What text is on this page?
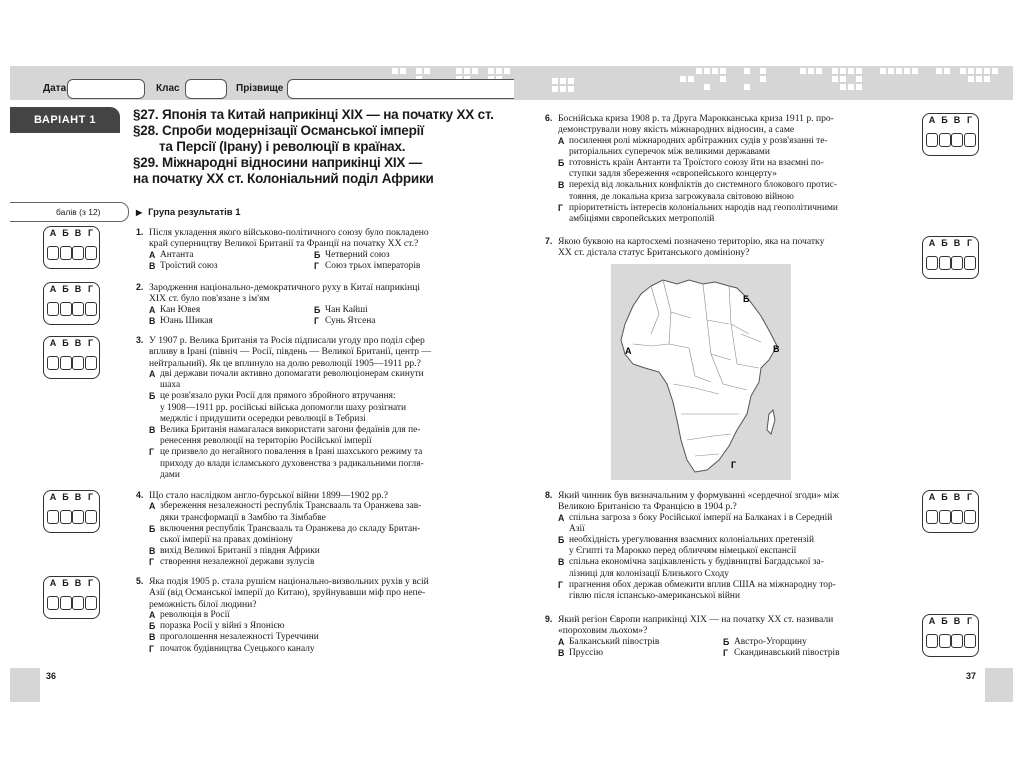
Дата	Клас	Прізвище
ВАРІАНТ 1	§27. Японія та Китай наприкінці XIX — на початку XX ст.
§28. Спроби модернізації Османської імперії
та Персії (Ірану) і революції в країнах.
§29. Міжнародні відносини наприкінці XIX —
на початку XX ст. Колоніальний поділ Африки
балів (з 12)	▶ Група результатів 1
А Б В Г
А Б В Г
А Б В Г
А Б В Г
А Б В Г
А Б В Г
А Б В Г
А Б В Г
А Б В Г
1. Після укладення якого військово-політичного союзу було покладено
край суперництву Великої Британії та Франції на початку XX ст.?
А Антанта	Б Четверний союз
В Троїстий союз	Г Союз трьох імператорів
2. Зародження національно-демократичного руху в Китаї наприкінці
XIX ст. було пов'язане з ім'ям
А Кан Ювея	Б Чан Кайші
В Юань Шикая	Г Сунь Ятсена
3. У 1907 р. Велика Британія та Росія підписали угоду про поділ сфер
впливу в Ірані (північ — Росії, південь — Великої Британії, центр —
нейтральний). Як це вплинуло на долю революції 1905—1911 рр.?
А дві держави почали активно допомагати революціонерам скинути
шаха
Б це розв'язало руки Росії для прямого збройного втручання:
у 1908—1911 рр. російські війська допомогли шаху розігнати
меджліс і придушити осередки революції в Тебризі
В Велика Британія намагалася використати загони федаїнів для пе-
ренесення революції на територію Російської імперії
Г це призвело до негайного повалення в Ірані шахського режиму та
приходу до влади ісламського духовенства з радикальними погля-
дами
4. Що стало наслідком англо-бурської війни 1899—1902 рр.?
А збереження незалежності республік Трансвааль та Оранжева зав-
дяки трансформації в Замбію та Зімбабве
Б включення республік Трансвааль та Оранжева до складу Британ-
ської імперії на правах домініону
В вихід Великої Британії з півдня Африки
Г створення незалежної держави зулусів
5. Яка подія 1905 р. стала рушієм національно-визвольних рухів у всій
Азії (від Османської імперії до Китаю), зруйнувавши міф про непе-
реможність білої людини?
А революція в Росії
Б поразка Росії у війні з Японією
В проголошення незалежності Туреччини
Г початок будівництва Суецького каналу
6. Боснійська криза 1908 р. та Друга Марокканська криза 1911 р. про-
демонстрували нову якість міжнародних відносин, а саме
А посилення ролі міжнародних арбітражних судів у розв'язанні те-
риторіальних суперечок між великими державами
Б готовність країн Антанти та Троїстого союзу йти на взаємні по-
ступки задля збереження «європейського концерту»
В перехід від локальних конфліктів до системного блокового протис-
тояння, де локальна криза загрожувала світовою війною
Г пріоритетність інтересів колоніальних народів над геополітичними
амбіціями європейських метрополій
7. Якою буквою на картосхемі позначено територію, яка на початку
XX ст. дістала статус Британського домініону?
8. Який чинник був визначальним у формуванні «сердечної згоди» між
Великою Британією та Францією в 1904 р.?
А спільна загроза з боку Російської імперії на Балканах і в Середній
Азії
Б необхідність урегулювання взаємних колоніальних претензій
у Єгипті та Марокко перед обличчям німецької експансії
В спільна економічна зацікавленість у будівництві Багдадської за-
лізниці для колонізації Близького Сходу
Г прагнення обох держав обмежити вплив США на міжнародну тор-
гівлю після іспансько-американської війни
9. Який регіон Європи наприкінці XIX — на початку XX ст. називали
«пороховим льохом»?
А Балканський півострів	Б Австро-Угорщину
В Прусcію	Г Скандинавський півострів
А
Б
В
Г
36	37
